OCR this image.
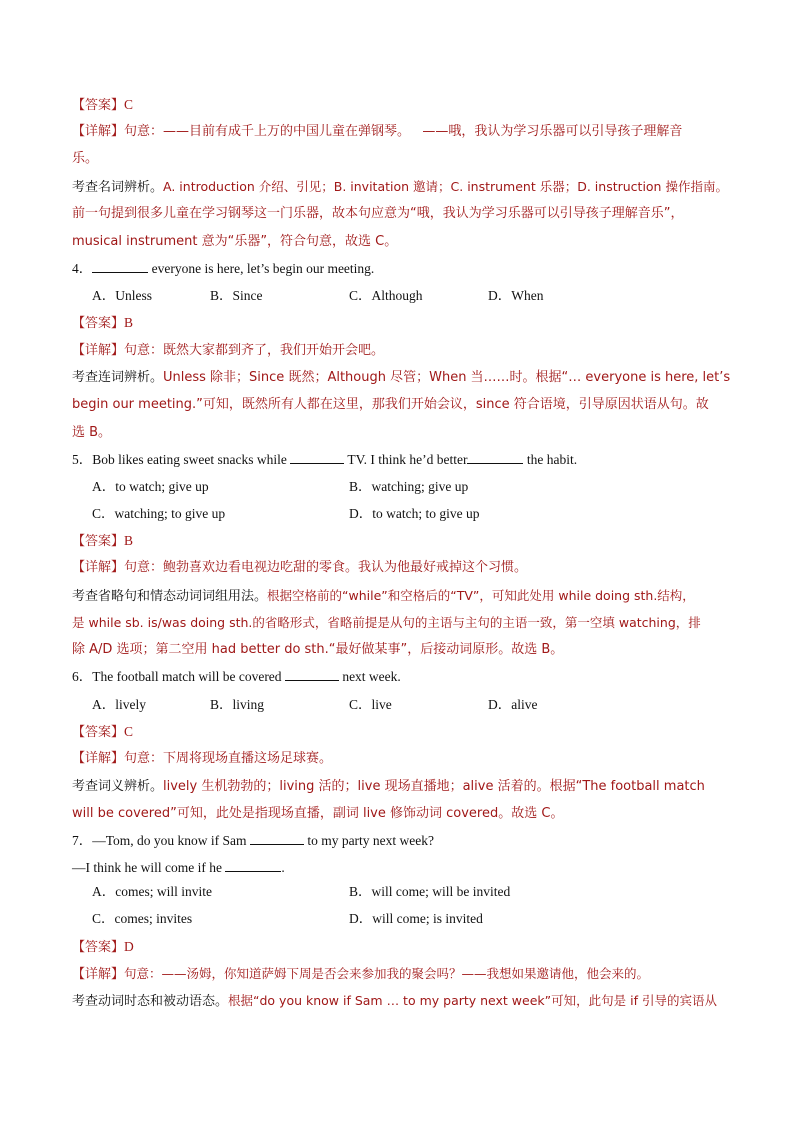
【答案】C
【详解】句意：——目前有成千上万的中国儿童在弹钢琴。   ——哦，我认为学习乐器可以引导孩子理解音
乐。
考查名词辨析。A. introduction 介绍、引见；B. invitation 邀请；C. instrument 乐器；D. instruction 操作指南。
前一句提到很多儿童在学习钢琴这一门乐器，故本句应意为“哦，我认为学习乐器可以引导孩子理解音乐”，
musical instrument 意为“乐器”，符合句意，故选 C。
4．	everyone is here, let’s begin our meeting.
A．Unless	B．Since	C．Although	D．When
【答案】B
【详解】句意：既然大家都到齐了，我们开始开会吧。
考查连词辨析。Unless 除非；Since 既然；Although 尽管；When 当……时。根据“… everyone is here, let’s
begin our meeting.”可知，既然所有人都在这里，那我们开始会议，since 符合语境，引导原因状语从句。故
选 B。
5．Bob likes eating sweet snacks while	TV. I think he’d better	the habit.
A．to watch; give up	B．watching; give up
C．watching; to give up	D．to watch; to give up
【答案】B
【详解】句意：鲍勃喜欢边看电视边吃甜的零食。我认为他最好戒掉这个习惯。
考查省略句和情态动词词组用法。根据空格前的“while”和空格后的“TV”，可知此处用 while doing sth.结构，
是 while sb. is/was doing sth.的省略形式，省略前提是从句的主语与主句的主语一致，第一空填 watching，排
除 A/D 选项；第二空用 had better do sth.“最好做某事”，后接动词原形。故选 B。
6．The football match will be covered	next week.
A．lively	B．living	C．live	D．alive
【答案】C
【详解】句意：下周将现场直播这场足球赛。
考查词义辨析。lively 生机勃勃的；living 活的；live 现场直播地；alive 活着的。根据“The football match
will be covered”可知，此处是指现场直播，副词 live 修饰动词 covered。故选 C。
7．—Tom, do you know if Sam	to my party next week?
—I think he will come if he	.
A．comes; will invite	B．will come; will be invited
C．comes; invites	D．will come; is invited
【答案】D
【详解】句意：——汤姆，你知道萨姆下周是否会来参加我的聚会吗？——我想如果邀请他，他会来的。
考查动词时态和被动语态。根据“do you know if Sam … to my party next week”可知，此句是 if 引导的宾语从
